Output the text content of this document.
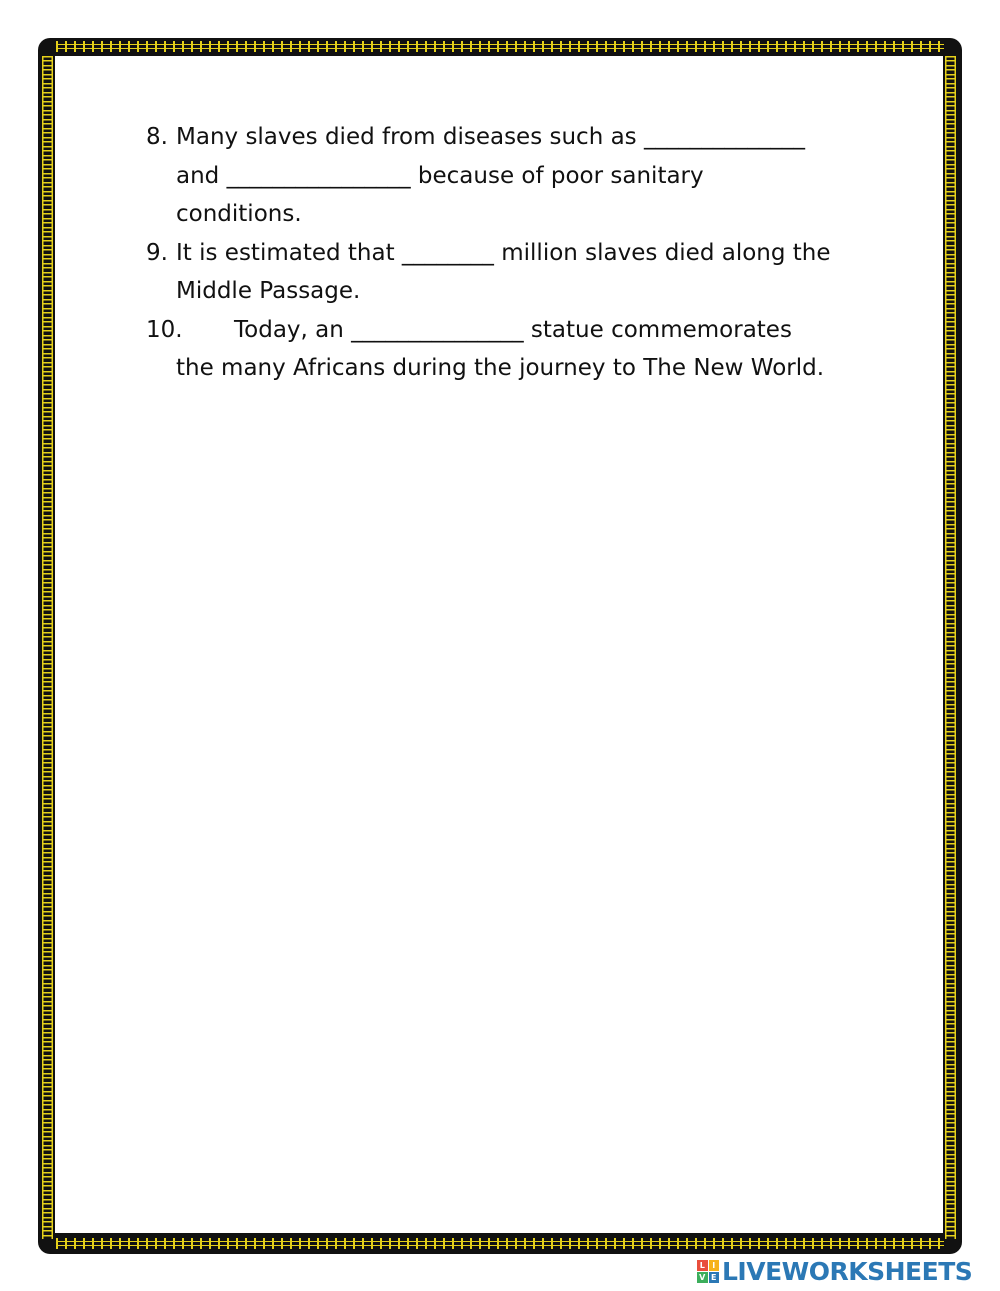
8. Many slaves died from diseases such as ______________
and ________________ because of poor sanitary
conditions.
9. It is estimated that ________ million slaves died along the
Middle Passage.
10.	Today, an _______________ statue commemorates
the many Africans during the journey to The New World.
L I
V E LIVEWORKSHEETS
